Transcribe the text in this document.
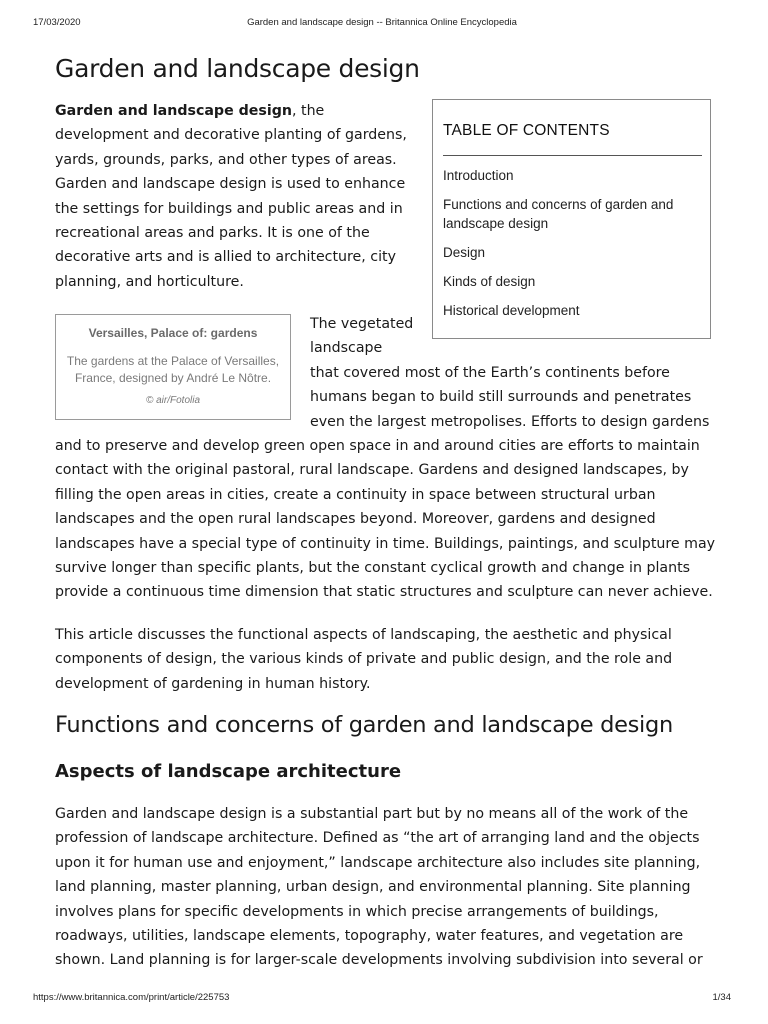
17/03/2020	Garden and landscape design -- Britannica Online Encyclopedia
Garden and landscape design

Garden and landscape design, the development and decorative planting of gardens, yards, grounds, parks, and other types of areas. Garden and landscape design is used to enhance the settings for buildings and public areas and in recreational areas and parks. It is one of the decorative arts and is allied to architecture, city planning, and horticulture.

TABLE OF CONTENTS
Introduction
Functions and concerns of garden and landscape design
Design
Kinds of design
Historical development
Versailles, Palace of: gardens
The gardens at the Palace of Versailles, France, designed by André Le Nôtre.
© air/Fotolia

The vegetated landscape

that covered most of the Earth’s continents before humans began to build still surrounds and penetrates even the largest metropolises. Efforts to design gardens

and to preserve and develop green open space in and around cities are efforts to maintain contact with the original pastoral, rural landscape. Gardens and designed landscapes, by filling the open areas in cities, create a continuity in space between structural urban landscapes and the open rural landscapes beyond. Moreover, gardens and designed landscapes have a special type of continuity in time. Buildings, paintings, and sculpture may survive longer than specific plants, but the constant cyclical growth and change in plants provide a continuous time dimension that static structures and sculpture can never achieve.

This article discusses the functional aspects of landscaping, the aesthetic and physical components of design, the various kinds of private and public design, and the role and development of gardening in human history.

Functions and concerns of garden and landscape design
Aspects of landscape architecture

Garden and landscape design is a substantial part but by no means all of the work of the profession of landscape architecture. Defined as “the art of arranging land and the objects upon it for human use and enjoyment,” landscape architecture also includes site planning, land planning, master planning, urban design, and environmental planning. Site planning involves plans for specific developments in which precise arrangements of buildings, roadways, utilities, landscape elements, topography, water features, and vegetation are shown. Land planning is for larger-scale developments involving subdivision into several or

https://www.britannica.com/print/article/225753	1/34
